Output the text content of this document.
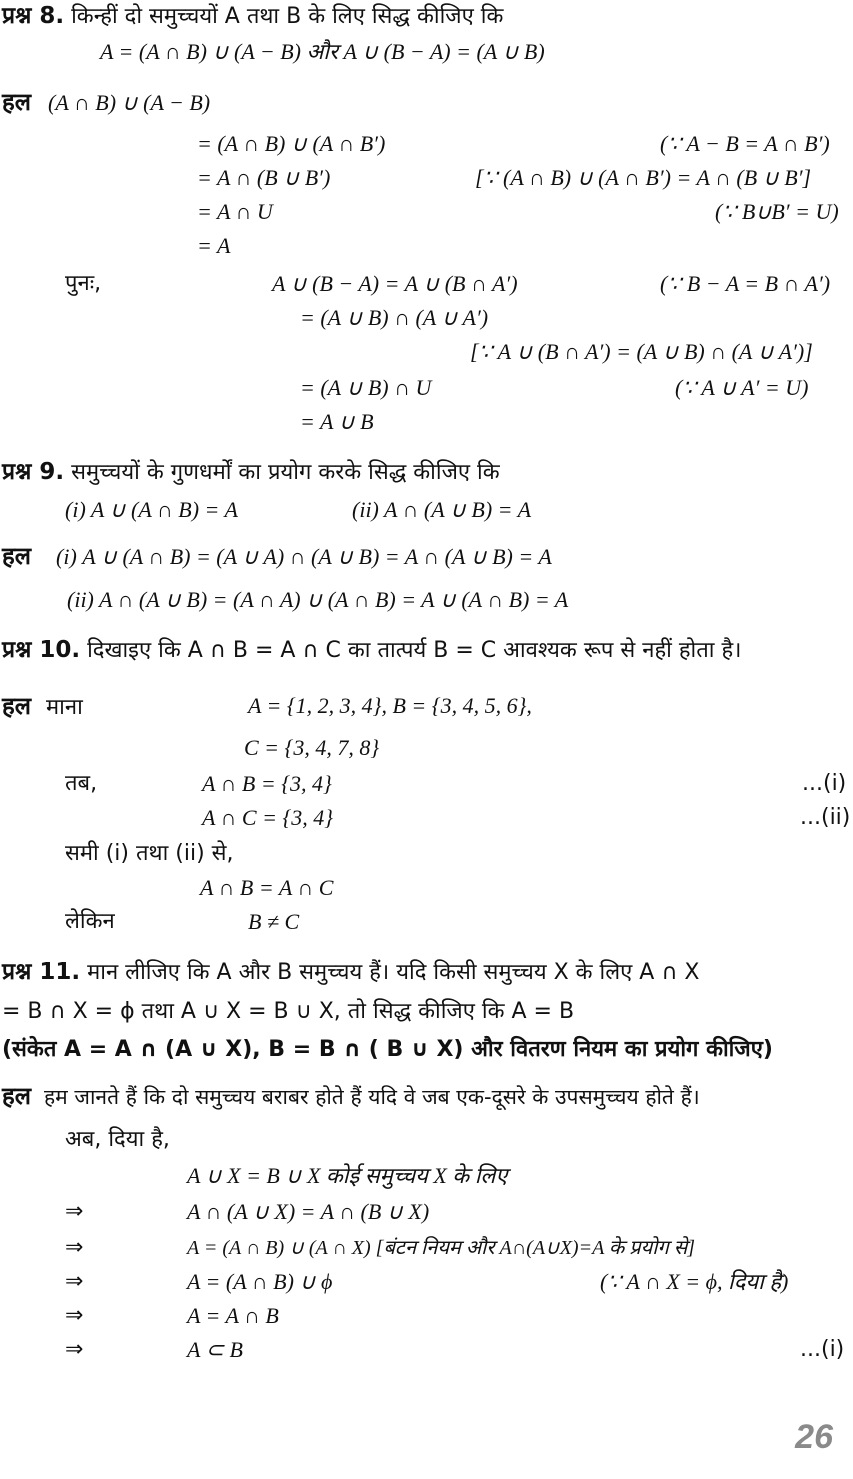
प्रश्न 8. किन्हीं दो समुच्चयों A तथा B के लिए सिद्ध कीजिए कि
A = (A ∩ B) ∪ (A − B) और A ∪ (B − A) = (A ∪ B)
हल (A ∩ B) ∪ (A − B)
= (A ∩ B) ∪ (A ∩ B′)	(∵ A − B = A ∩ B′)
= A ∩ (B ∪ B′)	[∵ (A ∩ B) ∪ (A ∩ B′) = A ∩ (B ∪ B′]
= A ∩ U	(∵ B∪B′ = U)
= A
पुनः,	A ∪ (B − A) = A ∪ (B ∩ A′)	(∵ B − A = B ∩ A′)
= (A ∪ B) ∩ (A ∪ A′)
[∵ A ∪ (B ∩ A′) = (A ∪ B) ∩ (A ∪ A′)]
= (A ∪ B) ∩ U	(∵ A ∪ A′ = U)
= A ∪ B
प्रश्न 9. समुच्चयों के गुणधर्मों का प्रयोग करके सिद्ध कीजिए कि
(i) A ∪ (A ∩ B) = A	(ii) A ∩ (A ∪ B) = A
हल (i) A ∪ (A ∩ B) = (A ∪ A) ∩ (A ∪ B) = A ∩ (A ∪ B) = A
(ii) A ∩ (A ∪ B) = (A ∩ A) ∪ (A ∩ B) = A ∪ (A ∩ B) = A
प्रश्न 10. दिखाइए कि A ∩ B = A ∩ C का तात्पर्य B = C आवश्यक रूप से नहीं होता है।
हल माना	A = {1, 2, 3, 4}, B = {3, 4, 5, 6},
C = {3, 4, 7, 8}
तब,	A ∩ B = {3, 4}	...(i)
A ∩ C = {3, 4}	...(ii)
समी (i) तथा (ii) से,
A ∩ B = A ∩ C
लेकिन	B ≠ C
प्रश्न 11. मान लीजिए कि A और B समुच्चय हैं। यदि किसी समुच्चय X के लिए A ∩ X
= B ∩ X = ϕ तथा A ∪ X = B ∪ X, तो सिद्ध कीजिए कि A = B
(संकेत A = A ∩ (A ∪ X), B = B ∩ ( B ∪ X) और वितरण नियम का प्रयोग कीजिए)
हल हम जानते हैं कि दो समुच्चय बराबर होते हैं यदि वे जब एक-दूसरे के उपसमुच्चय होते हैं।
अब, दिया है,
A ∪ X = B ∪ X कोई समुच्चय X के लिए
⇒	A ∩ (A ∪ X) = A ∩ (B ∪ X)
⇒	A = (A ∩ B) ∪ (A ∩ X) [बंटन नियम और A∩(A∪X)=A के प्रयोग से]
⇒	A = (A ∩ B) ∪ ϕ	(∵ A ∩ X = ϕ, दिया है)
⇒	A = A ∩ B
⇒	A ⊂ B	...(i)
26
